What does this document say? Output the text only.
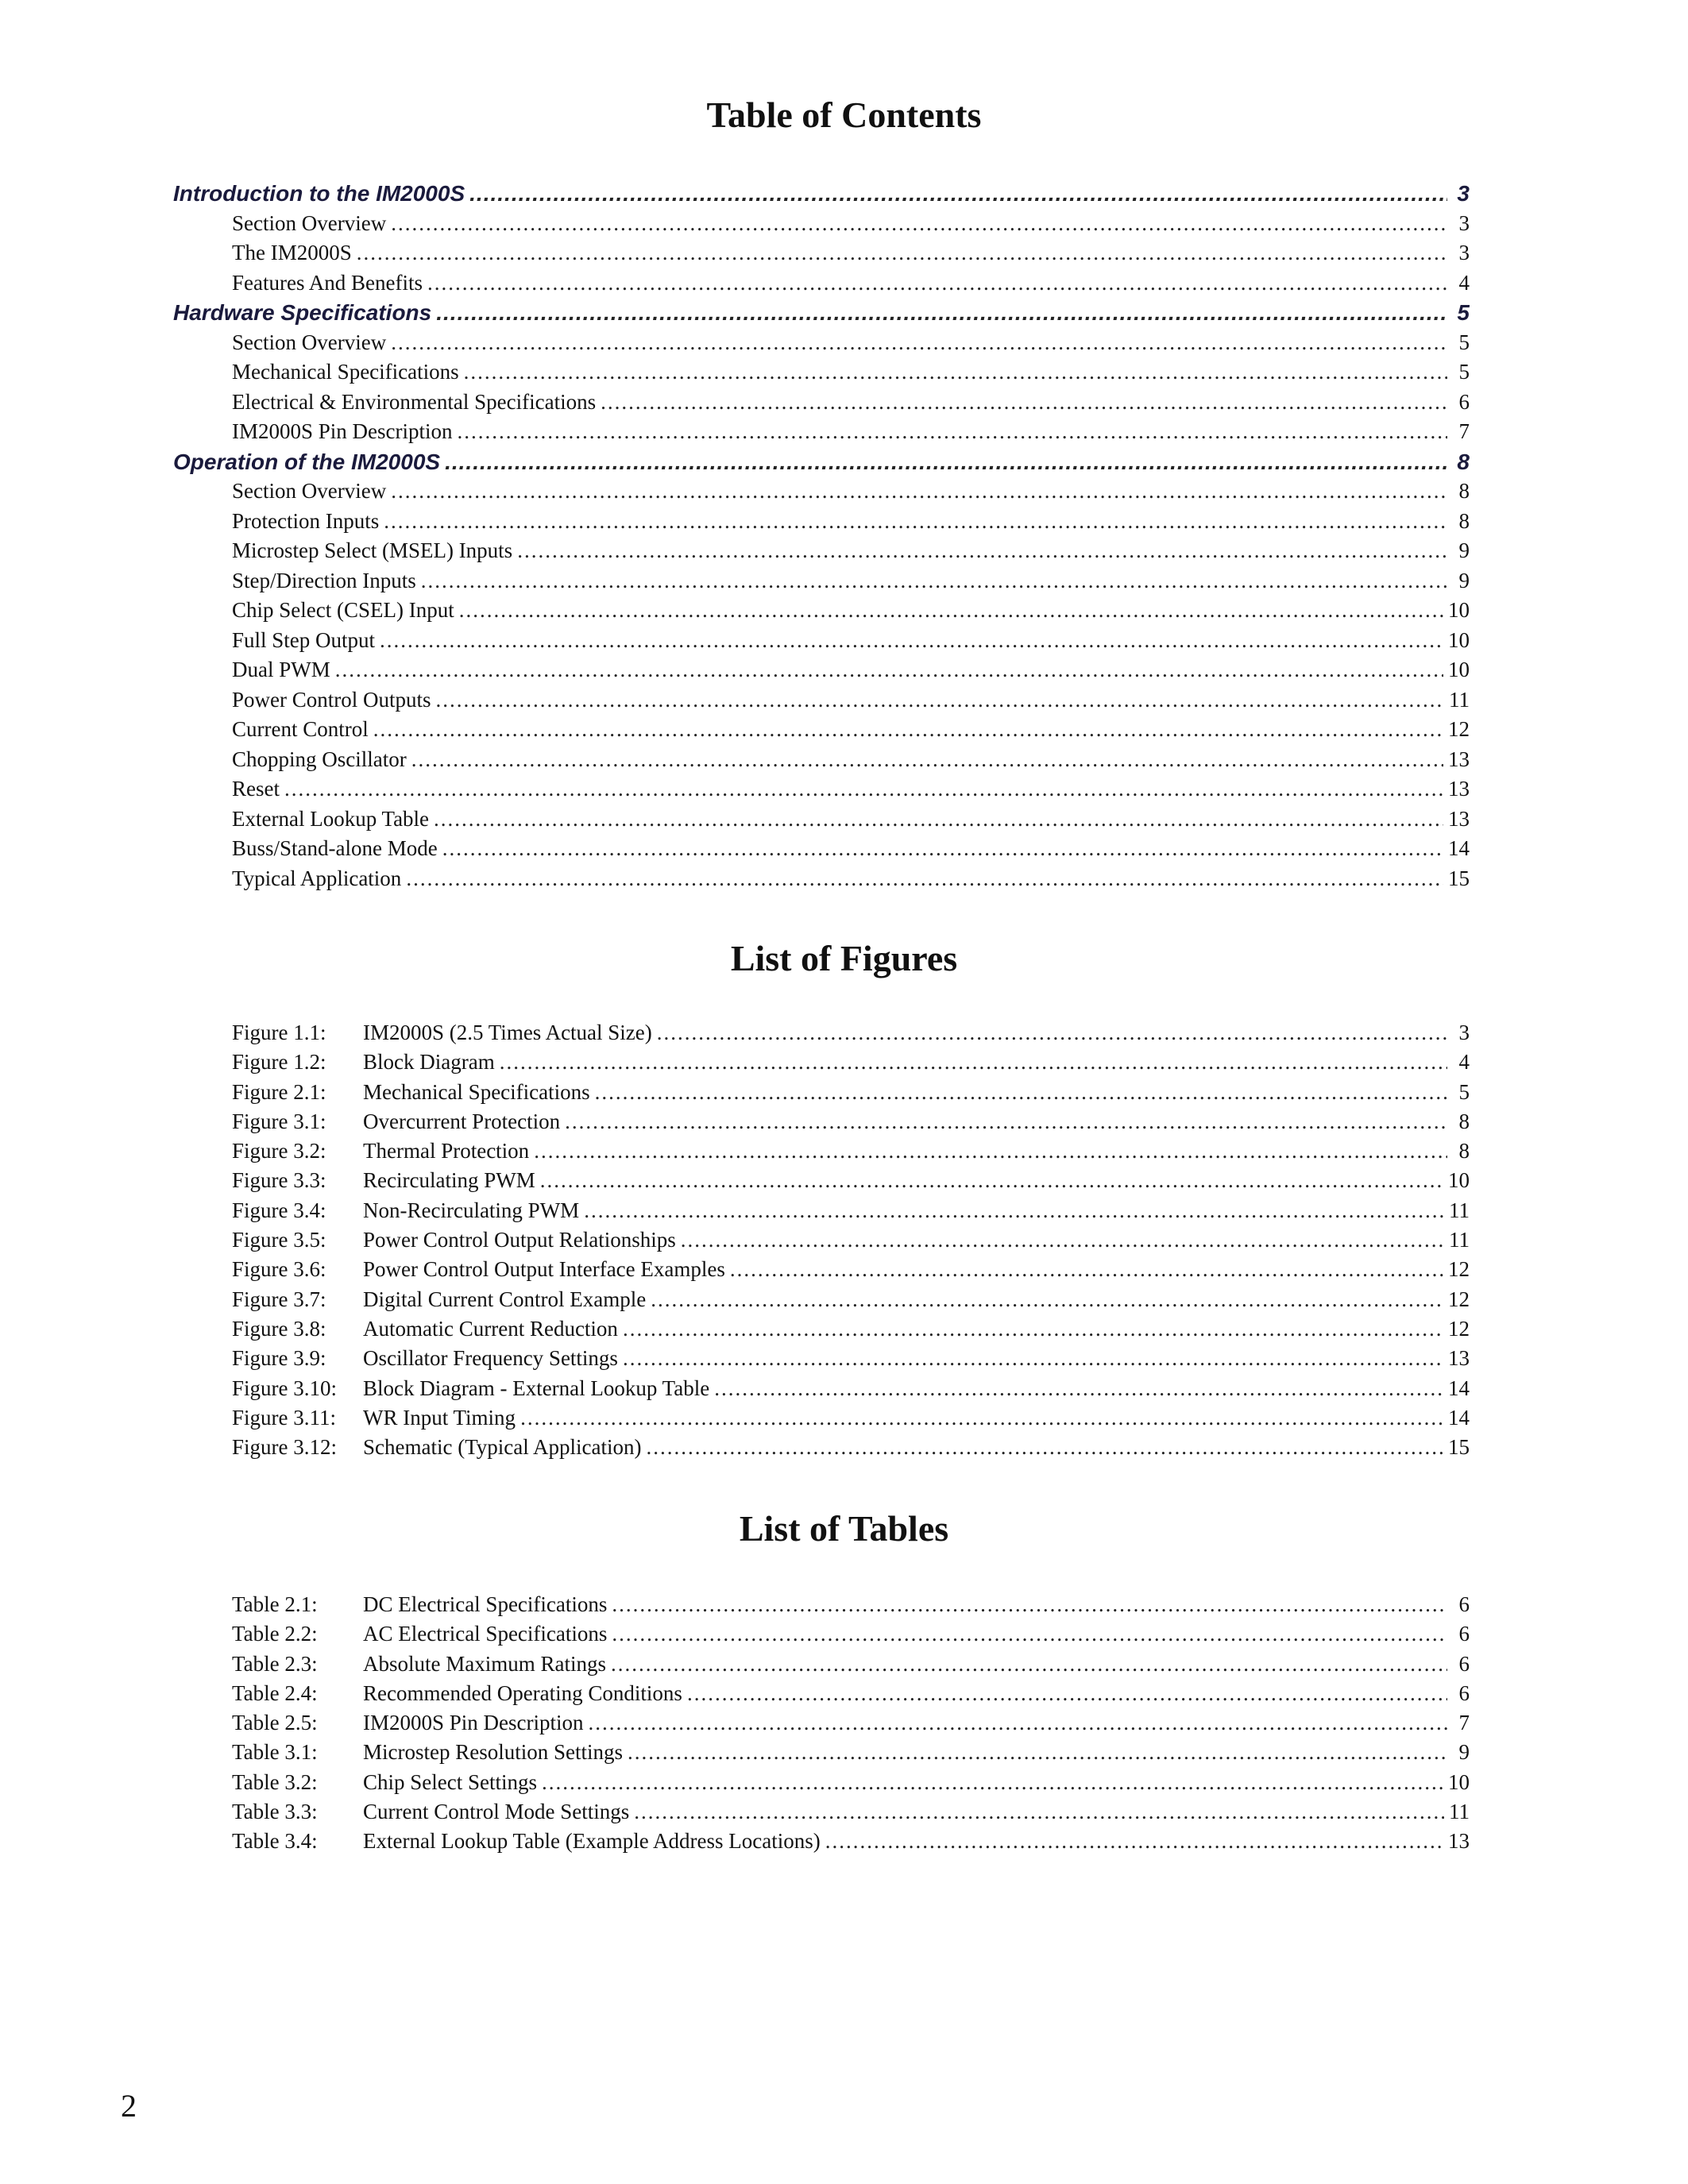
Table of Contents
Introduction to the IM2000S .....	3
Section Overview .....	3
The IM2000S .....	3
Features And Benefits .....	4
Hardware Specifications .....	5
Section Overview .....	5
Mechanical Specifications .....	5
Electrical & Environmental Specifications .....	6
IM2000S Pin Description .....	7
Operation of the IM2000S .....	8
Section Overview .....	8
Protection Inputs .....	8
Microstep Select (MSEL) Inputs .....	9
Step/Direction Inputs .....	9
Chip Select (CSEL) Input .....	10
Full Step Output .....	10
Dual PWM .....	10
Power Control Outputs .....	11
Current Control .....	12
Chopping Oscillator .....	13
Reset .....	13
External Lookup Table .....	13
Buss/Stand-alone Mode .....	14
Typical Application .....	15
List of Figures
Figure 1.1:	IM2000S (2.5 Times Actual Size) .....	3
Figure 1.2:	Block Diagram .....	4
Figure 2.1:	Mechanical Specifications .....	5
Figure 3.1:	Overcurrent Protection .....	8
Figure 3.2:	Thermal Protection .....	8
Figure 3.3:	Recirculating PWM .....	10
Figure 3.4:	Non-Recirculating PWM .....	11
Figure 3.5:	Power Control Output Relationships .....	11
Figure 3.6:	Power Control Output Interface Examples .....	12
Figure 3.7:	Digital Current Control Example .....	12
Figure 3.8:	Automatic Current Reduction .....	12
Figure 3.9:	Oscillator Frequency Settings .....	13
Figure 3.10:	Block Diagram - External Lookup Table .....	14
Figure 3.11:	$\overline{WR}$ Input Timing .....	14
Figure 3.12:	Schematic (Typical Application) .....	15
List of Tables
Table 2.1:	DC Electrical Specifications .....	6
Table 2.2:	AC Electrical Specifications .....	6
Table 2.3:	Absolute Maximum Ratings .....	6
Table 2.4:	Recommended Operating Conditions .....	6
Table 2.5:	IM2000S Pin Description .....	7
Table 3.1:	Microstep Resolution Settings .....	9
Table 3.2:	Chip Select Settings .....	10
Table 3.3:	Current Control Mode Settings .....	11
Table 3.4:	External Lookup Table (Example Address Locations) .....	13

2
